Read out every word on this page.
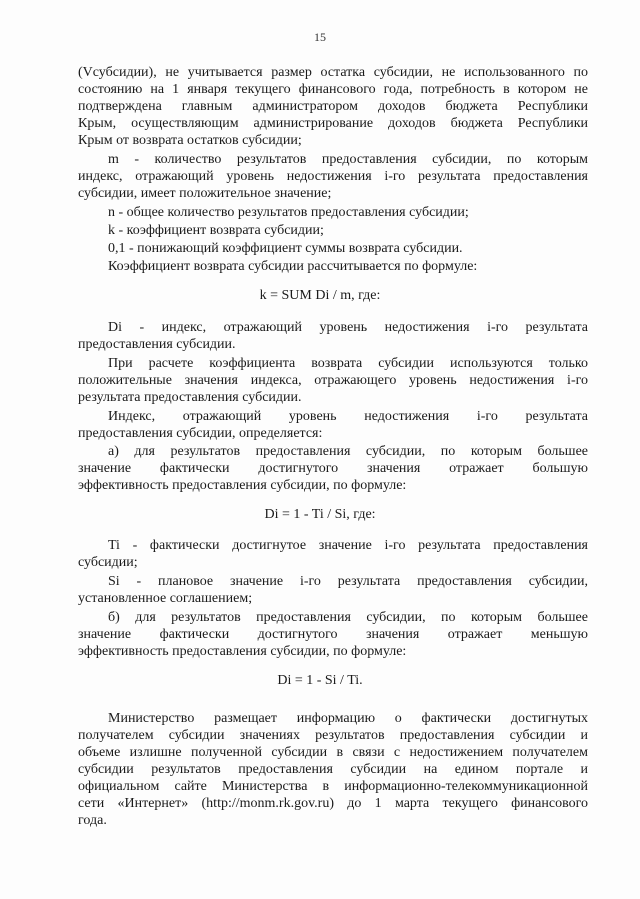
15
(Vсубсидии), не учитывается размер остатка субсидии, не использованного по
состоянию на 1 января текущего финансового года, потребность в котором не
подтверждена главным администратором доходов бюджета Республики
Крым, осуществляющим администрирование доходов бюджета Республики
Крым от возврата остатков субсидии;
m - количество результатов предоставления субсидии, по которым
индекс, отражающий уровень недостижения i-го результата предоставления
субсидии, имеет положительное значение;
n - общее количество результатов предоставления субсидии;
k - коэффициент возврата субсидии;
0,1 - понижающий коэффициент суммы возврата субсидии.
Коэффициент возврата субсидии рассчитывается по формуле:
k = SUM Di / m, где:
Di - индекс, отражающий уровень недостижения i-го результата
предоставления субсидии.
При расчете коэффициента возврата субсидии используются только
положительные значения индекса, отражающего уровень недостижения i-го
результата предоставления субсидии.
Индекс, отражающий уровень недостижения i-го результата
предоставления субсидии, определяется:
а) для результатов предоставления субсидии, по которым большее
значение фактически достигнутого значения отражает большую
эффективность предоставления субсидии, по формуле:
Di = 1 - Ti / Si, где:
Ti - фактически достигнутое значение i-го результата предоставления
субсидии;
Si - плановое значение i-го результата предоставления субсидии,
установленное соглашением;
б) для результатов предоставления субсидии, по которым большее
значение фактически достигнутого значения отражает меньшую
эффективность предоставления субсидии, по формуле:
Di = 1 - Si / Ti.
Министерство размещает информацию о фактически достигнутых
получателем субсидии значениях результатов предоставления субсидии и
объеме излишне полученной субсидии в связи с недостижением получателем
субсидии результатов предоставления субсидии на едином портале и
официальном сайте Министерства в информационно-телекоммуникационной
сети «Интернет» (http://monm.rk.gov.ru) до 1 марта текущего финансового
года.
